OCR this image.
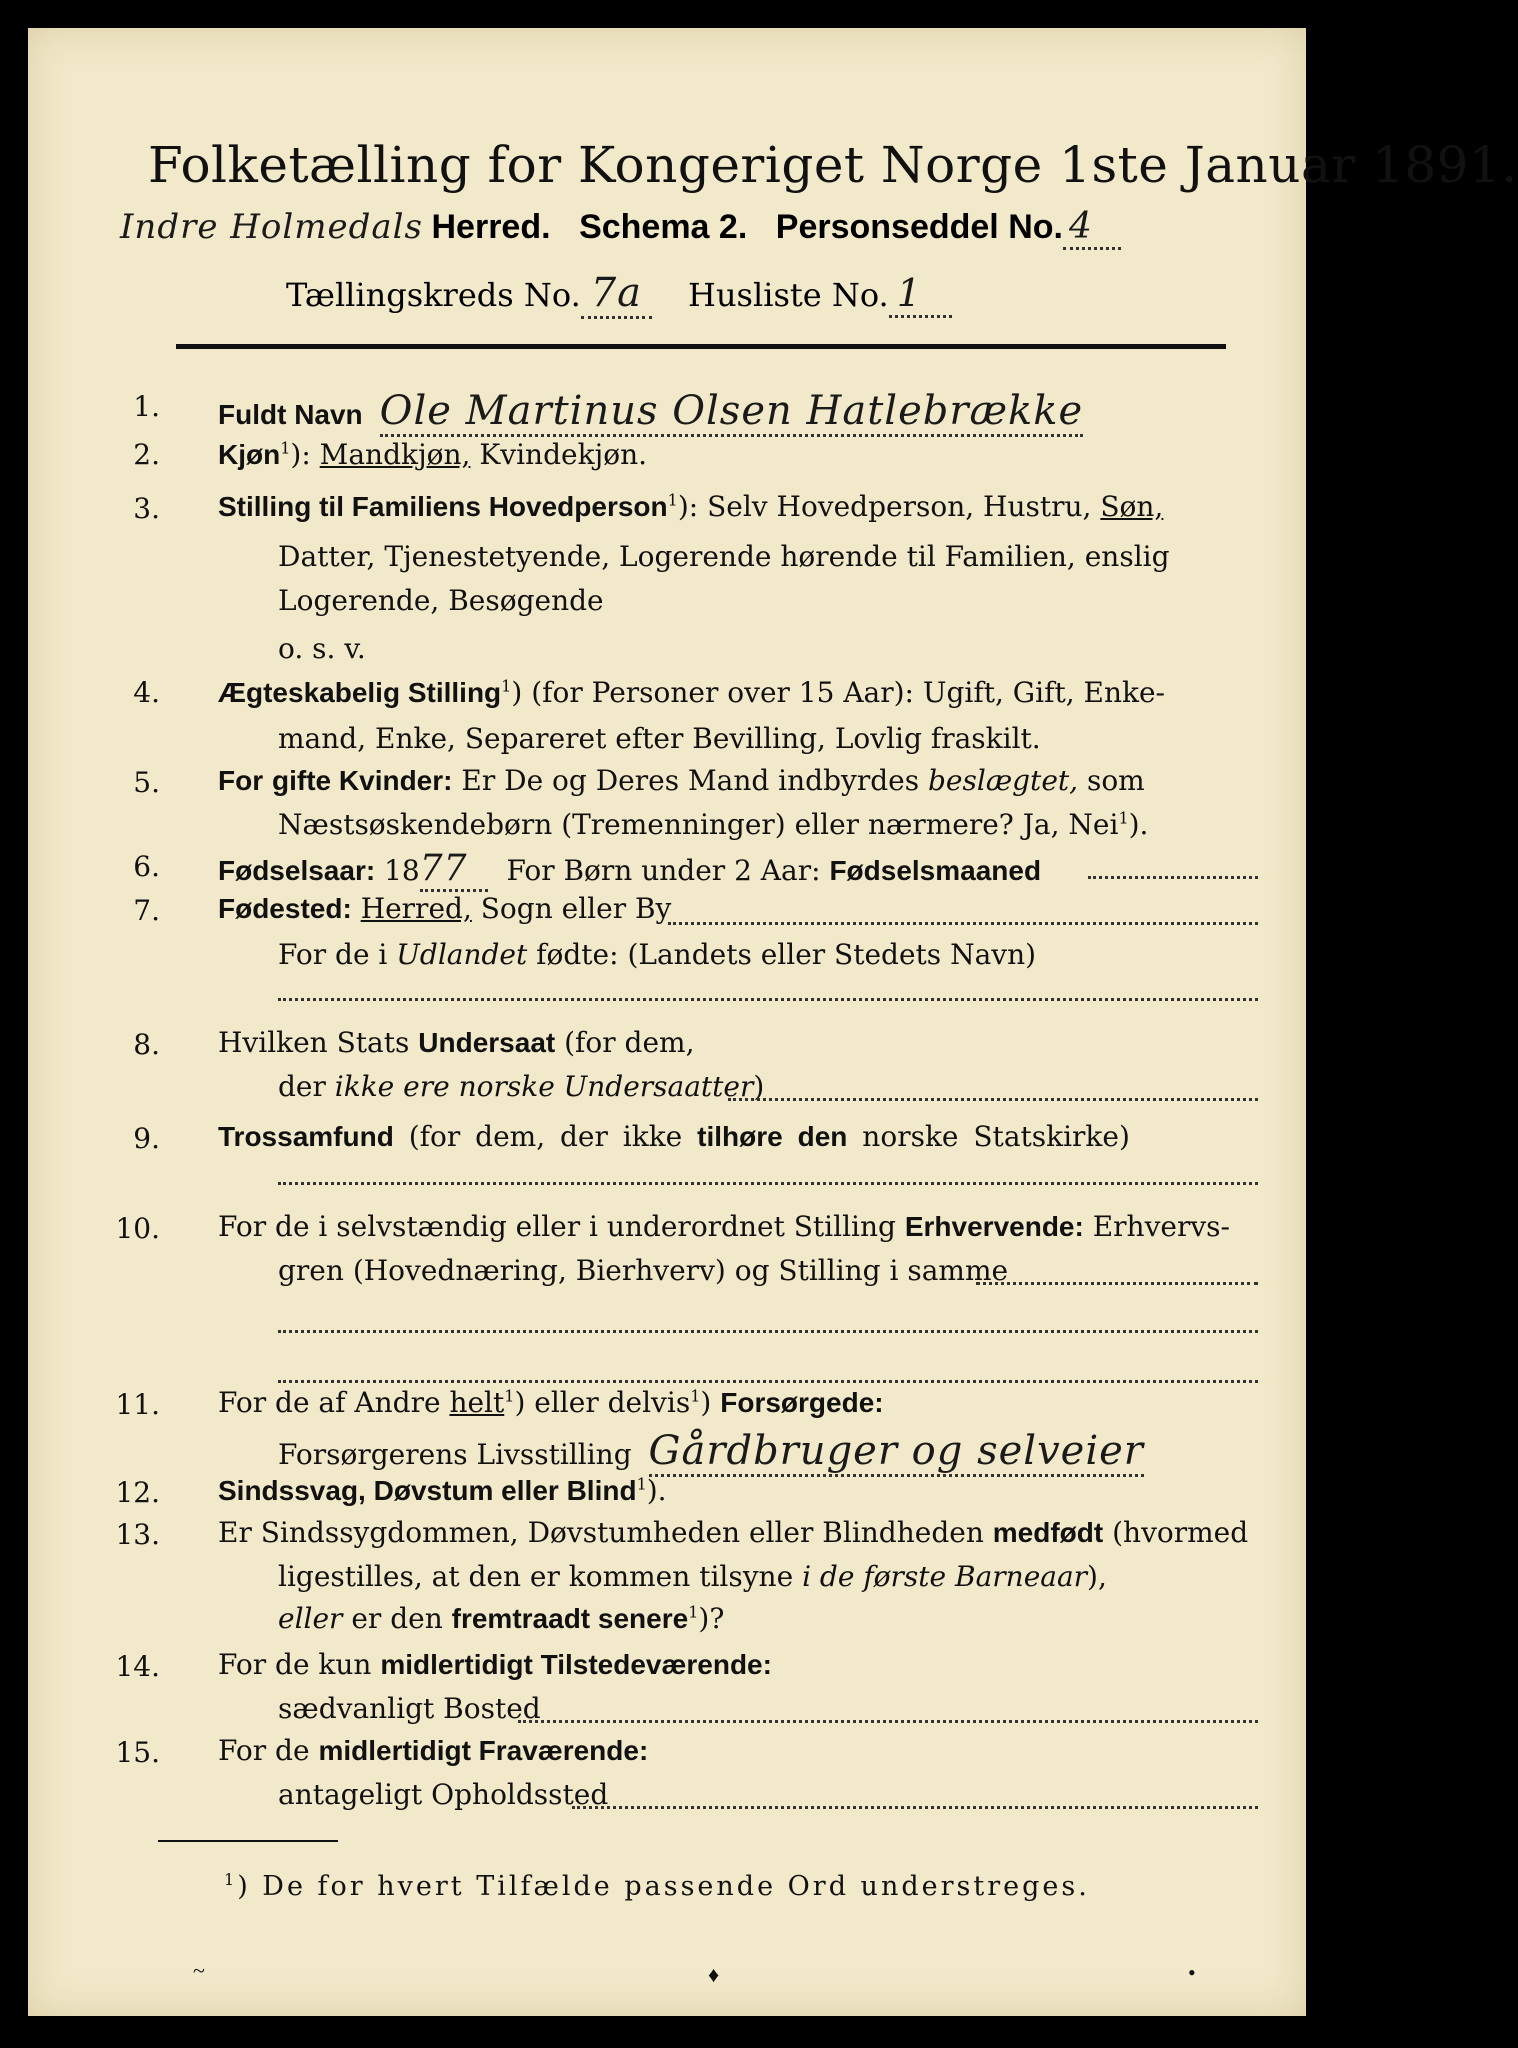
Folketælling for Kongeriget Norge 1ste Januar 1891.
Indre Holmedals Herred. Schema 2. Personseddel No. 4
Tællingskreds No. 7a Husliste No. 1
1. Fuldt Navn Ole Martinus Olsen Hatlebrække
2. Kjøn$^1$): Mandkjøn, Kvindekjøn.
3. Stilling til Familiens Hovedperson$^1$): Selv Hovedperson, Hustru, Søn,
Datter, Tjenestetyende, Logerende hørende til Familien, enslig
Logerende, Besøgende
o. s. v.
4. Ægteskabelig Stilling$^1$) (for Personer over 15 Aar): Ugift, Gift, Enke-
mand, Enke, Separeret efter Bevilling, Lovlig fraskilt.
5. For gifte Kvinder: Er De og Deres Mand indbyrdes beslægtet, som
Næstsøskendebørn (Tremenninger) eller nærmere? Ja, Nei$^1$).
6. Fødselsaar: 1877 For Børn under 2 Aar: Fødselsmaaned
7. Fødested: Herred, Sogn eller By
For de i Udlandet fødte: (Landets eller Stedets Navn)
8. Hvilken Stats Undersaat (for dem,
der ikke ere norske Undersaatter)
9. Trossamfund (for dem, der ikke tilhøre den norske Statskirke)
10. For de i selvstændig eller i underordnet Stilling Erhvervende: Erhvervs-
gren (Hovednæring, Bierhverv) og Stilling i samme
11. For de af Andre helt$^1$) eller delvis$^1$) Forsørgede:
Forsørgerens Livsstilling Gårdbruger og selveier
12. Sindssvag, Døvstum eller Blind$^1$).
13. Er Sindssygdommen, Døvstumheden eller Blindheden medfødt (hvormed
ligestilles, at den er kommen tilsyne i de første Barneaar),
eller er den fremtraadt senere$^1$)?
14. For de kun midlertidigt Tilstedeværende:
sædvanligt Bosted
15. For de midlertidigt Fraværende:
antageligt Opholdssted
$^1$) De for hvert Tilfælde passende Ord understreges.
~	♦	•
